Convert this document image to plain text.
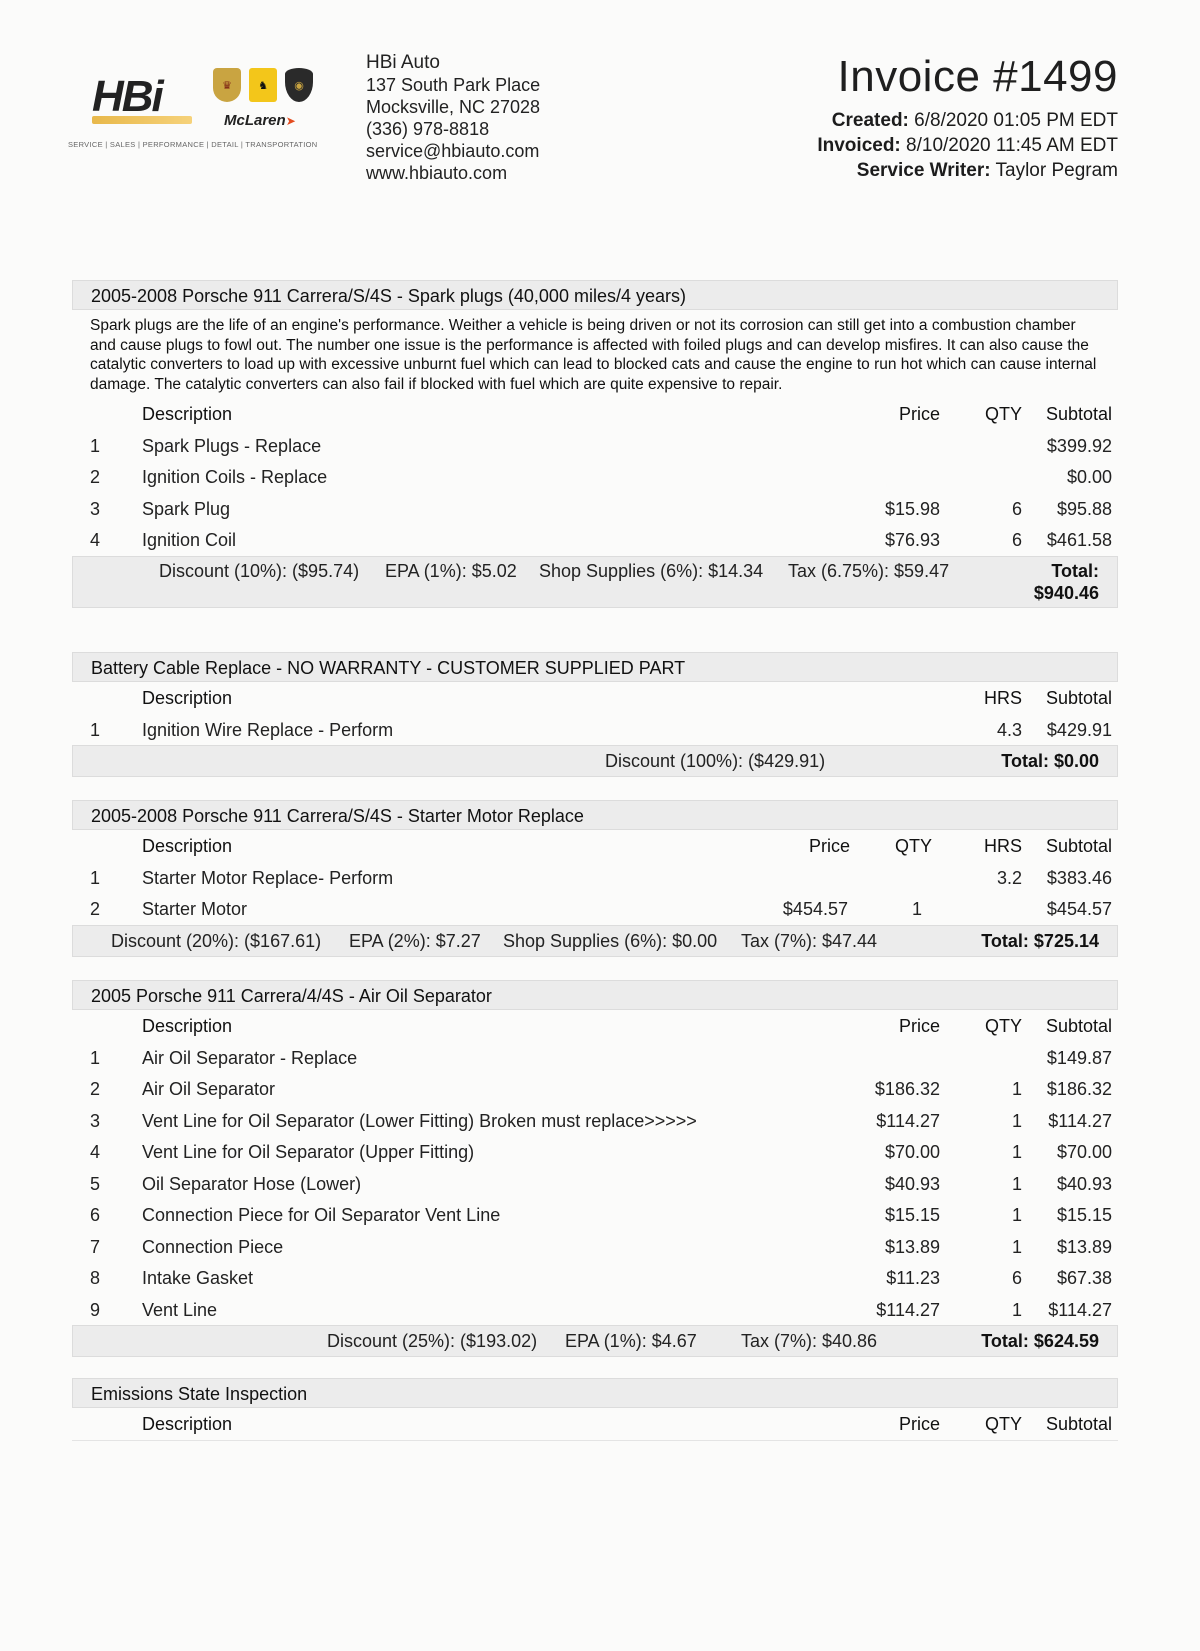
HBi	♛	♞	◉
McLaren➤
SERVICE | SALES | PERFORMANCE | DETAIL | TRANSPORTATION
HBi Auto
137 South Park Place
Mocksville, NC 27028
(336) 978-8818
service@hbiauto.com
www.hbiauto.com
Invoice #1499
Created: 6/8/2020 01:05 PM EDT
Invoiced: 8/10/2020 11:45 AM EDT
Service Writer: Taylor Pegram
2005-2008 Porsche 911 Carrera/S/4S - Spark plugs (40,000 miles/4 years)
Spark plugs are the life of an engine's performance. Weither a vehicle is being driven or not its corrosion can still get into a combustion chamber and cause plugs to fowl out. The number one issue is the performance is affected with foiled plugs and can develop misfires. It can also cause the catalytic converters to load up with excessive unburnt fuel which can lead to blocked cats and cause the engine to run hot which can cause internal damage. The catalytic converters can also fail if blocked with fuel which are quite expensive to repair.
Description	Price QTY Subtotal
1 Spark Plugs - Replace	$399.92
2 Ignition Coils - Replace	$0.00
3 Spark Plug	$15.98	6 $95.88
4 Ignition Coil	$76.93	6 $461.58
Discount (10%): ($95.74) EPA (1%): $5.02 Shop Supplies (6%): $14.34 Tax (6.75%): $59.47	Total:
$940.46
Battery Cable Replace - NO WARRANTY - CUSTOMER SUPPLIED PART
Description	HRS Subtotal
1 Ignition Wire Replace - Perform	4.3 $429.91
Discount (100%): ($429.91)	Total: $0.00
2005-2008 Porsche 911 Carrera/S/4S - Starter Motor Replace
Description	Price QTY	HRS Subtotal
1 Starter Motor Replace- Perform	3.2 $383.46
2 Starter Motor	$454.57	1	$454.57
Discount (20%): ($167.61) EPA (2%): $7.27 Shop Supplies (6%): $0.00 Tax (7%): $47.44	Total: $725.14
2005 Porsche 911 Carrera/4/4S - Air Oil Separator
Description	Price QTY Subtotal
1 Air Oil Separator - Replace	$149.87
2 Air Oil Separator	$186.32	1 $186.32
3 Vent Line for Oil Separator (Lower Fitting) Broken must replace>>>>>	$114.27	1 $114.27
4 Vent Line for Oil Separator (Upper Fitting)	$70.00	1 $70.00
5 Oil Separator Hose (Lower)	$40.93	1 $40.93
6 Connection Piece for Oil Separator Vent Line	$15.15	1 $15.15
7 Connection Piece	$13.89	1 $13.89
8 Intake Gasket	$11.23	6 $67.38
9 Vent Line	$114.27	1 $114.27
Discount (25%): ($193.02) EPA (1%): $4.67 Tax (7%): $40.86	Total: $624.59
Emissions State Inspection
Description	Price QTY Subtotal
